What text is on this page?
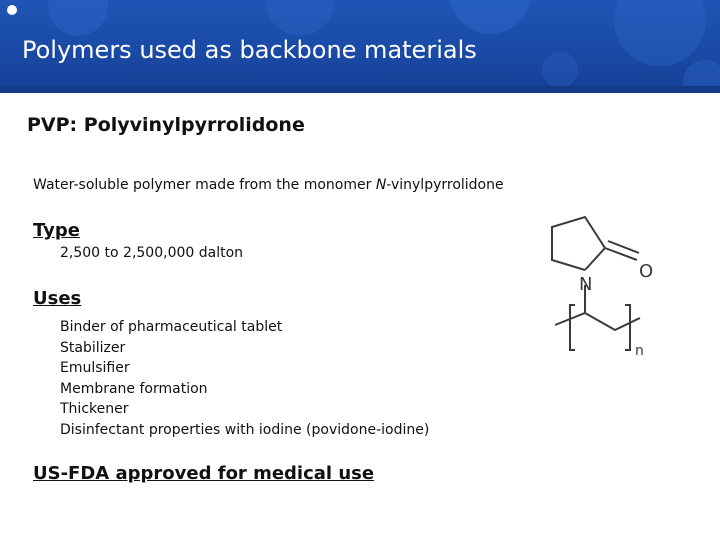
Polymers used as backbone materials
PVP: Polyvinylpyrrolidone
Water-soluble polymer made from the monomer N-vinylpyrrolidone
Type
2,500 to 2,500,000 dalton
Uses
Binder of pharmaceutical tablet
Stabilizer
Emulsifier
Membrane formation
Thickener
Disinfectant properties with iodine (povidone-iodine)
US-FDA approved for medical use
N
O
n
